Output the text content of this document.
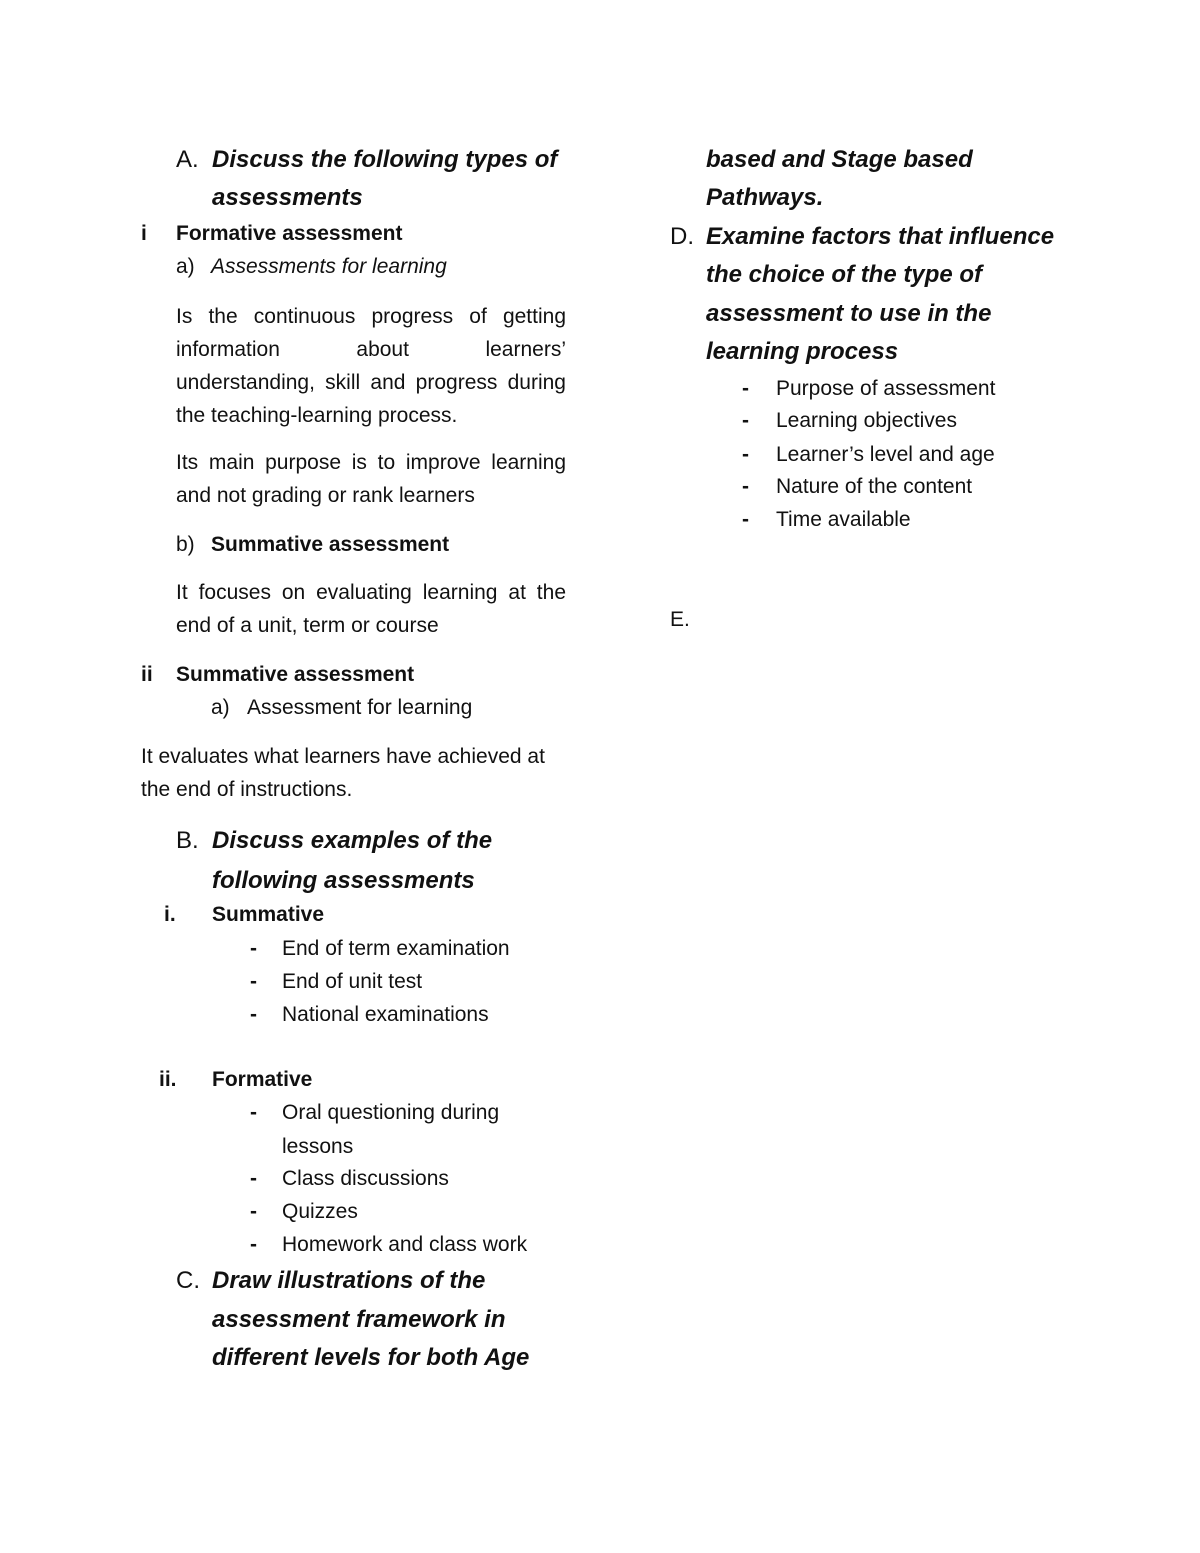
A. Discuss the following types of
assessments
i Formative assessment
a) Assessments for learning

Is the continuous progress of getting information about learners’ understanding, skill and progress during the teaching-learning process.

Its main purpose is to improve learning and not grading or rank learners

b) Summative assessment

It focuses on evaluating learning at the end of a unit, term or course

ii Summative assessment
a) Assessment for learning
It evaluates what learners have achieved at
the end of instructions.
B. Discuss examples of the
following assessments
i. Summative
- End of term examination
- End of unit test
- National examinations
ii. Formative
- Oral questioning during
lessons
- Class discussions
- Quizzes
- Homework and class work
C. Draw illustrations of the
assessment framework in
different levels for both Age
based and Stage based
Pathways.
D. Examine factors that influence
the choice of the type of
assessment to use in the
learning process
- Purpose of assessment
- Learning objectives
- Learner’s level and age
- Nature of the content
- Time available
E.
